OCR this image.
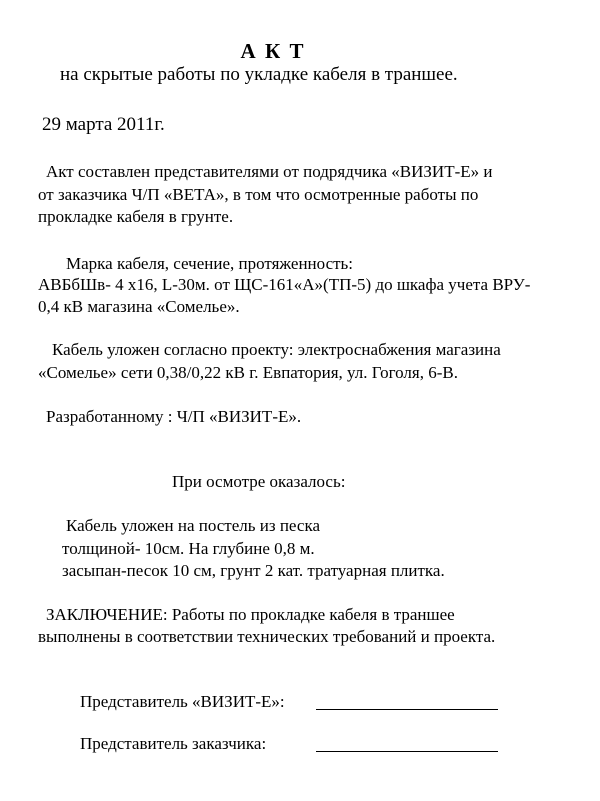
А К Т
на скрытые работы по укладке кабеля в траншее.
29 марта 2011г.
Акт составлен представителями от подрядчика «ВИЗИТ-Е» и
от заказчика Ч/П «ВЕТА», в том что осмотренные работы по
прокладке кабеля в грунте.
Марка кабеля, сечение, протяженность:
АВБбШв- 4 х16, L-30м. от ЩС-161«А»(ТП-5) до шкафа учета ВРУ-
0,4 кВ магазина «Сомелье».
Кабель уложен согласно проекту: электроснабжения магазина
«Сомелье» сети 0,38/0,22 кВ г. Евпатория, ул. Гоголя, 6-В.
Разработанному : Ч/П «ВИЗИТ-Е».
При осмотре оказалось:
Кабель уложен на постель из песка
толщиной- 10см. На глубине 0,8 м.
засыпан-песок 10 см, грунт 2 кат. тратуарная плитка.
ЗАКЛЮЧЕНИЕ: Работы по прокладке кабеля в траншее
выполнены в соответствии технических требований и проекта.
Представитель «ВИЗИТ-Е»:
Представитель заказчика:
